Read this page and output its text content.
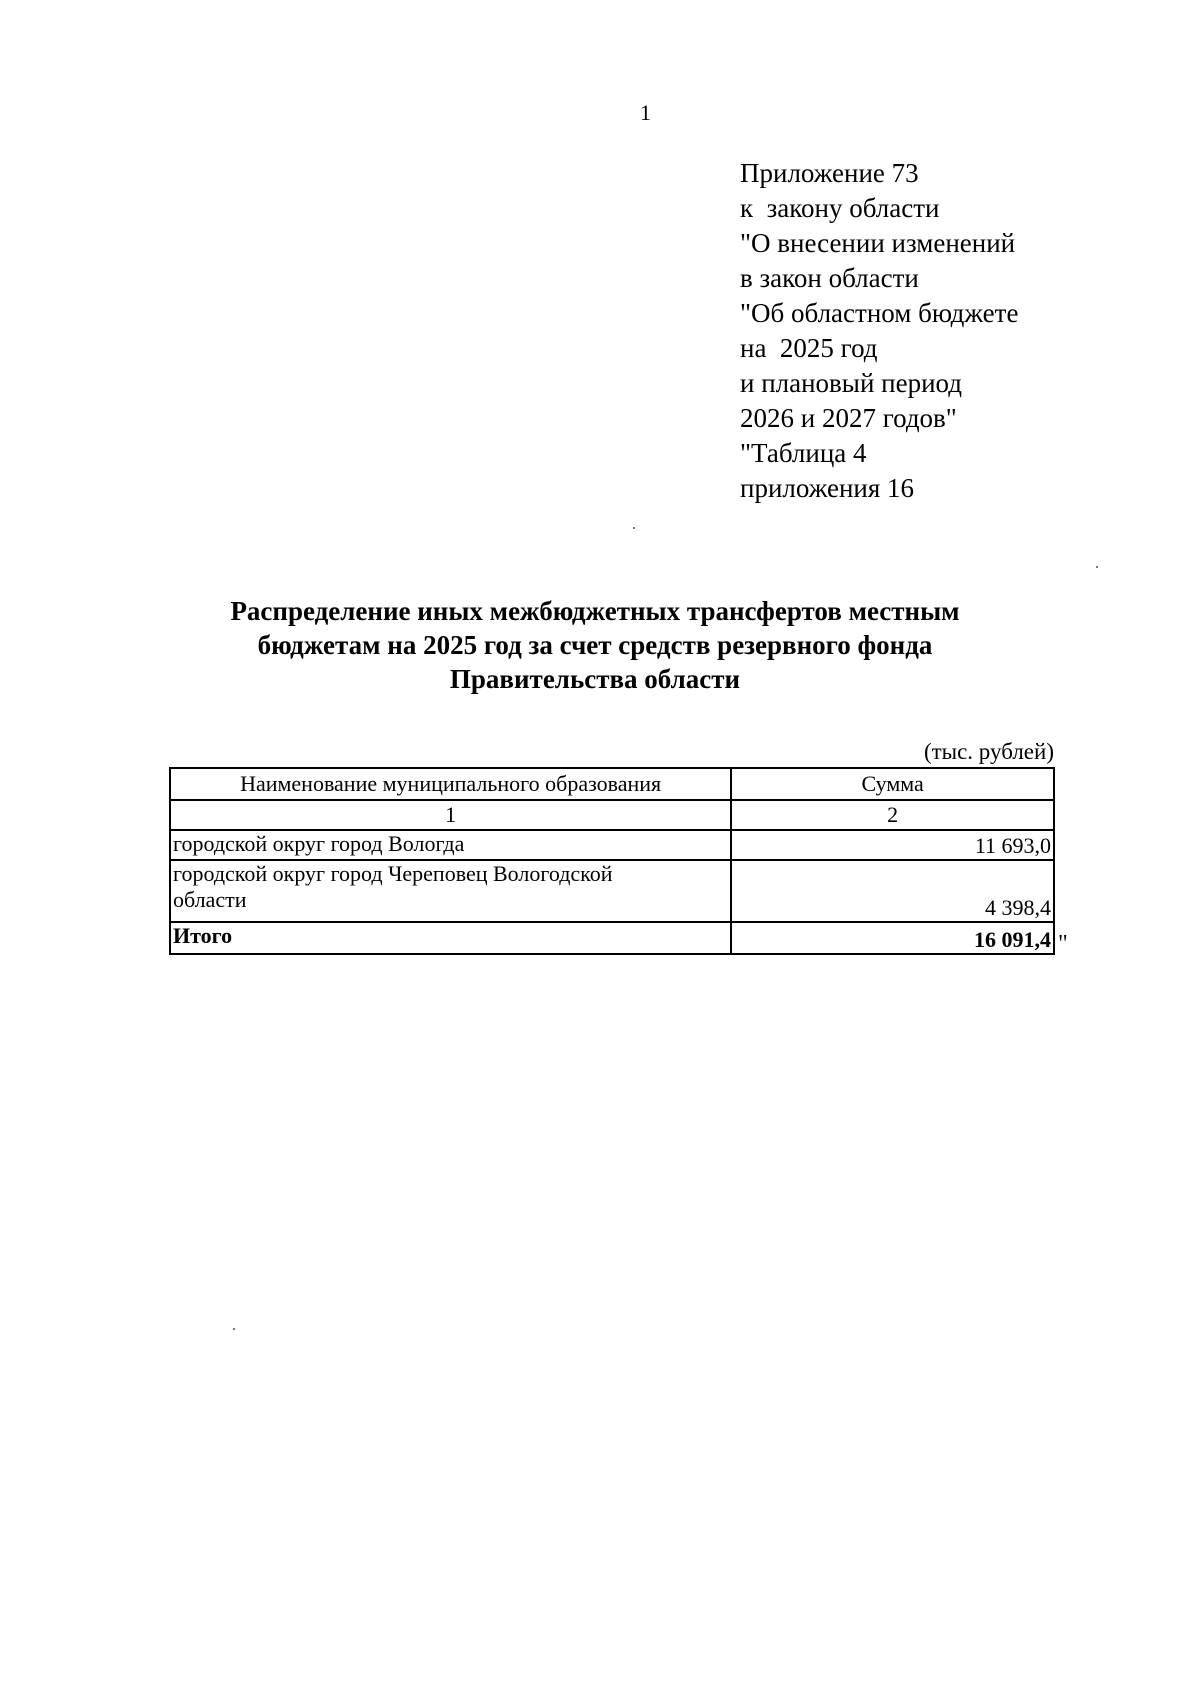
1
Приложение 73
к  закону области
"О внесении изменений
в закон области
"Об областном бюджете
на  2025 год
и плановый период
2026 и 2027 годов"
"Таблица 4
приложения 16
Распределение иных межбюджетных трансфертов местным
бюджетам на 2025 год за счет средств резервного фонда
Правительства области
(тыс. рублей)
Наименование муниципального образования	Сумма
1	2

городской округ город Вологда	11 693,0

городской округ город Череповец Вологодской
области	4 398,4
Итого	16 091,4 "
